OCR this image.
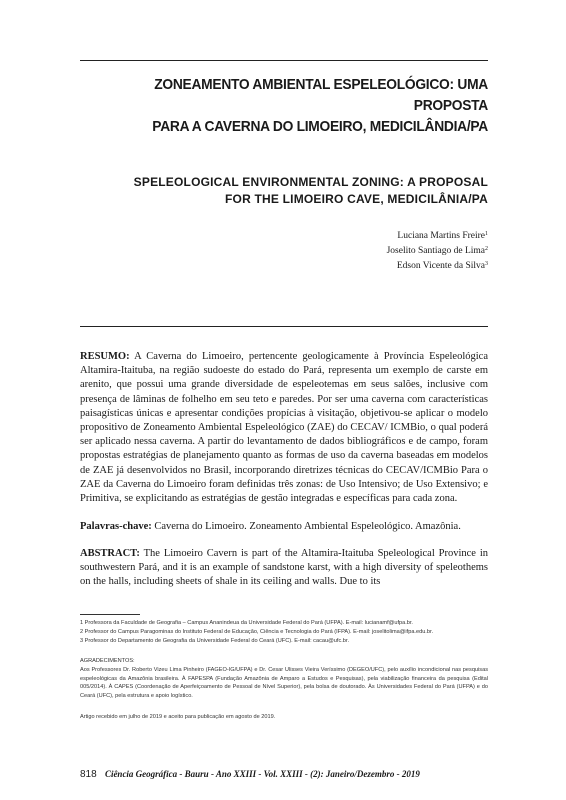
ZONEAMENTO AMBIENTAL ESPELEOLÓGICO: UMA PROPOSTA
PARA A CAVERNA DO LIMOEIRO, MEDICILÂNDIA/PA
SPELEOLOGICAL ENVIRONMENTAL ZONING: A PROPOSAL
FOR THE LIMOEIRO CAVE, MEDICILÂNIA/PA
Luciana Martins Freire$^1$
Joselito Santiago de Lima$^2$
Edson Vicente da Silva$^3$
RESUMO: A Caverna do Limoeiro, pertencente geologicamente à Província Espeleológica Altamira-Itaituba, na região sudoeste do estado do Pará, representa um exemplo de carste em arenito, que possui uma grande diversidade de espeleotemas em seus salões, inclusive com presença de lâminas de folhelho em seu teto e paredes. Por ser uma caverna com características paisagísticas únicas e apresentar condições propícias à visitação, objetivou-se aplicar o modelo propositivo de Zoneamento Ambiental Espeleológico (ZAE) do CECAV/ ICMBio, o qual poderá ser aplicado nessa caverna. A partir do levantamento de dados bibliográficos e de campo, foram propostas estratégias de planejamento quanto as formas de uso da caverna baseadas em modelos de ZAE já desenvolvidos no Brasil, incorporando diretrizes técnicas do CECAV/ICMBio Para o ZAE da Caverna do Limoeiro foram definidas três zonas: de Uso Intensivo; de Uso Extensivo; e Primitiva, se explicitando as estratégias de gestão integradas e específicas para cada zona.
Palavras-chave: Caverna do Limoeiro. Zoneamento Ambiental Espeleológico. Amazônia.
ABSTRACT: The Limoeiro Cavern is part of the Altamira-Itaituba Speleological Province in southwestern Pará, and it is an example of sandstone karst, with a high diversity of speleothems on the halls, including sheets of shale in its ceiling and walls. Due to its
1 Professora da Faculdade de Geografia – Campus Ananindeua da Universidade Federal do Pará (UFPA). E-mail: lucianamf@ufpa.br.
2 Professor do Campus Paragominas do Instituto Federal de Educação, Ciência e Tecnologia do Pará (IFPA). E-mail: joselitolima@ifpa.edu.br.
3 Professor do Departamento de Geografia da Universidade Federal do Ceará (UFC). E-mail: cacau@ufc.br.
AGRADECIMENTOS:
Aos Professores Dr. Roberto Vizeu Lima Pinheiro (FAGEO-IG/UFPA) e Dr. Cesar Ulisses Vieira Veríssimo (DEGEO/UFC), pelo auxílio incondicional nas pesquisas espeleológicas da Amazônia brasileira. À FAPESPA (Fundação Amazônia de Amparo a Estudos e Pesquisas), pela viabilização financeira da pesquisa (Edital 005/2014). À CAPES (Coordenação de Aperfeiçoamento de Pessoal de Nível Superior), pela bolsa de doutorado. Às Universidades Federal do Pará (UFPA) e do Ceará (UFC), pela estrutura e apoio logístico.
Artigo recebido em julho de 2019 e aceito para publicação em agosto de 2019.
818 Ciência Geográfica - Bauru - Ano XXIII - Vol. XXIII - (2): Janeiro/Dezembro - 2019
